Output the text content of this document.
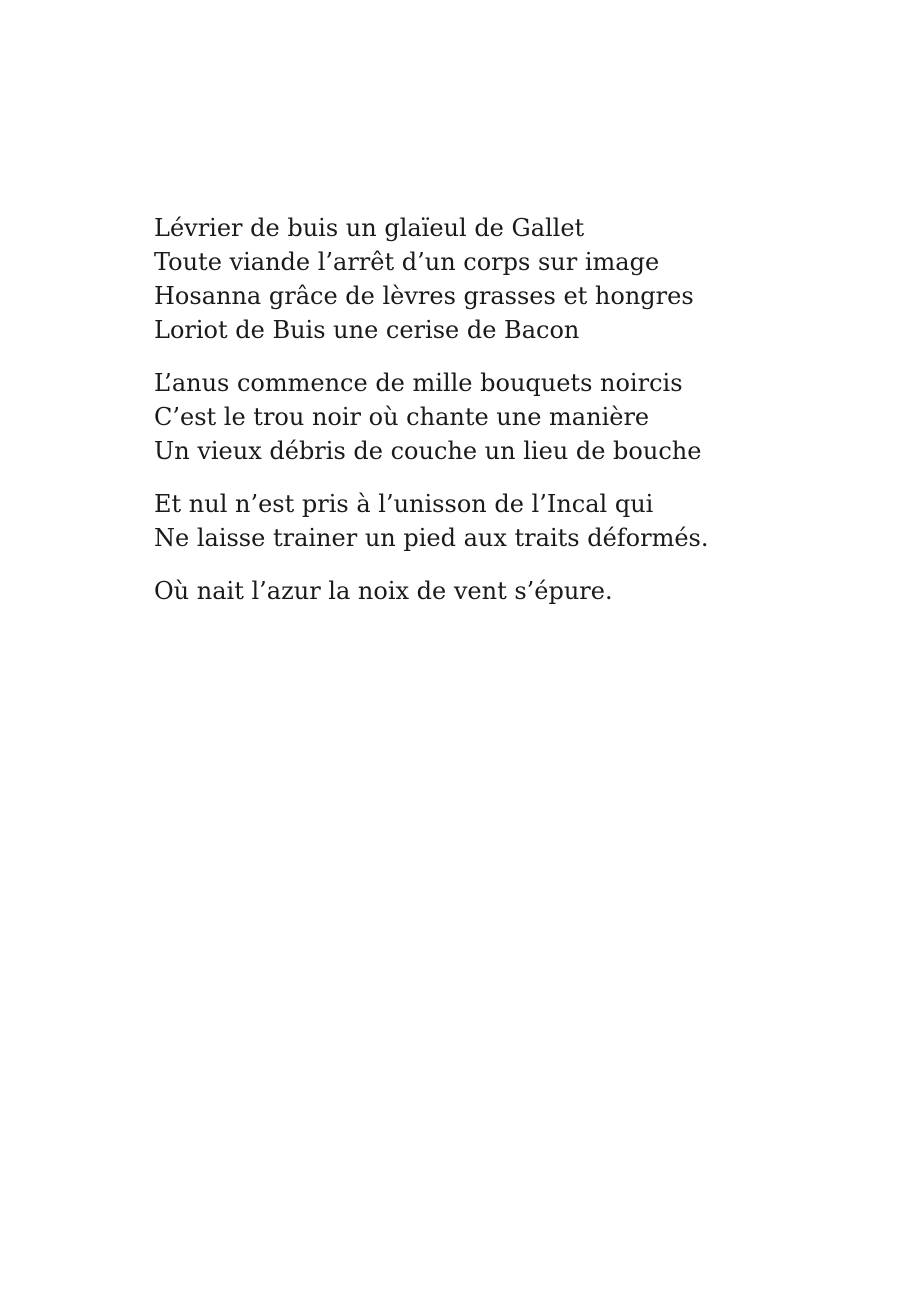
Lévrier de buis un glaïeul de Gallet
Toute viande l’arrêt d’un corps sur image
Hosanna grâce de lèvres grasses et hongres
Loriot de Buis une cerise de Bacon
L’anus commence de mille bouquets noircis
C’est le trou noir où chante une manière
Un vieux débris de couche un lieu de bouche
Et nul n’est pris à l’unisson de l’Incal qui
Ne laisse trainer un pied aux traits déformés.
Où nait l’azur la noix de vent s’épure.
